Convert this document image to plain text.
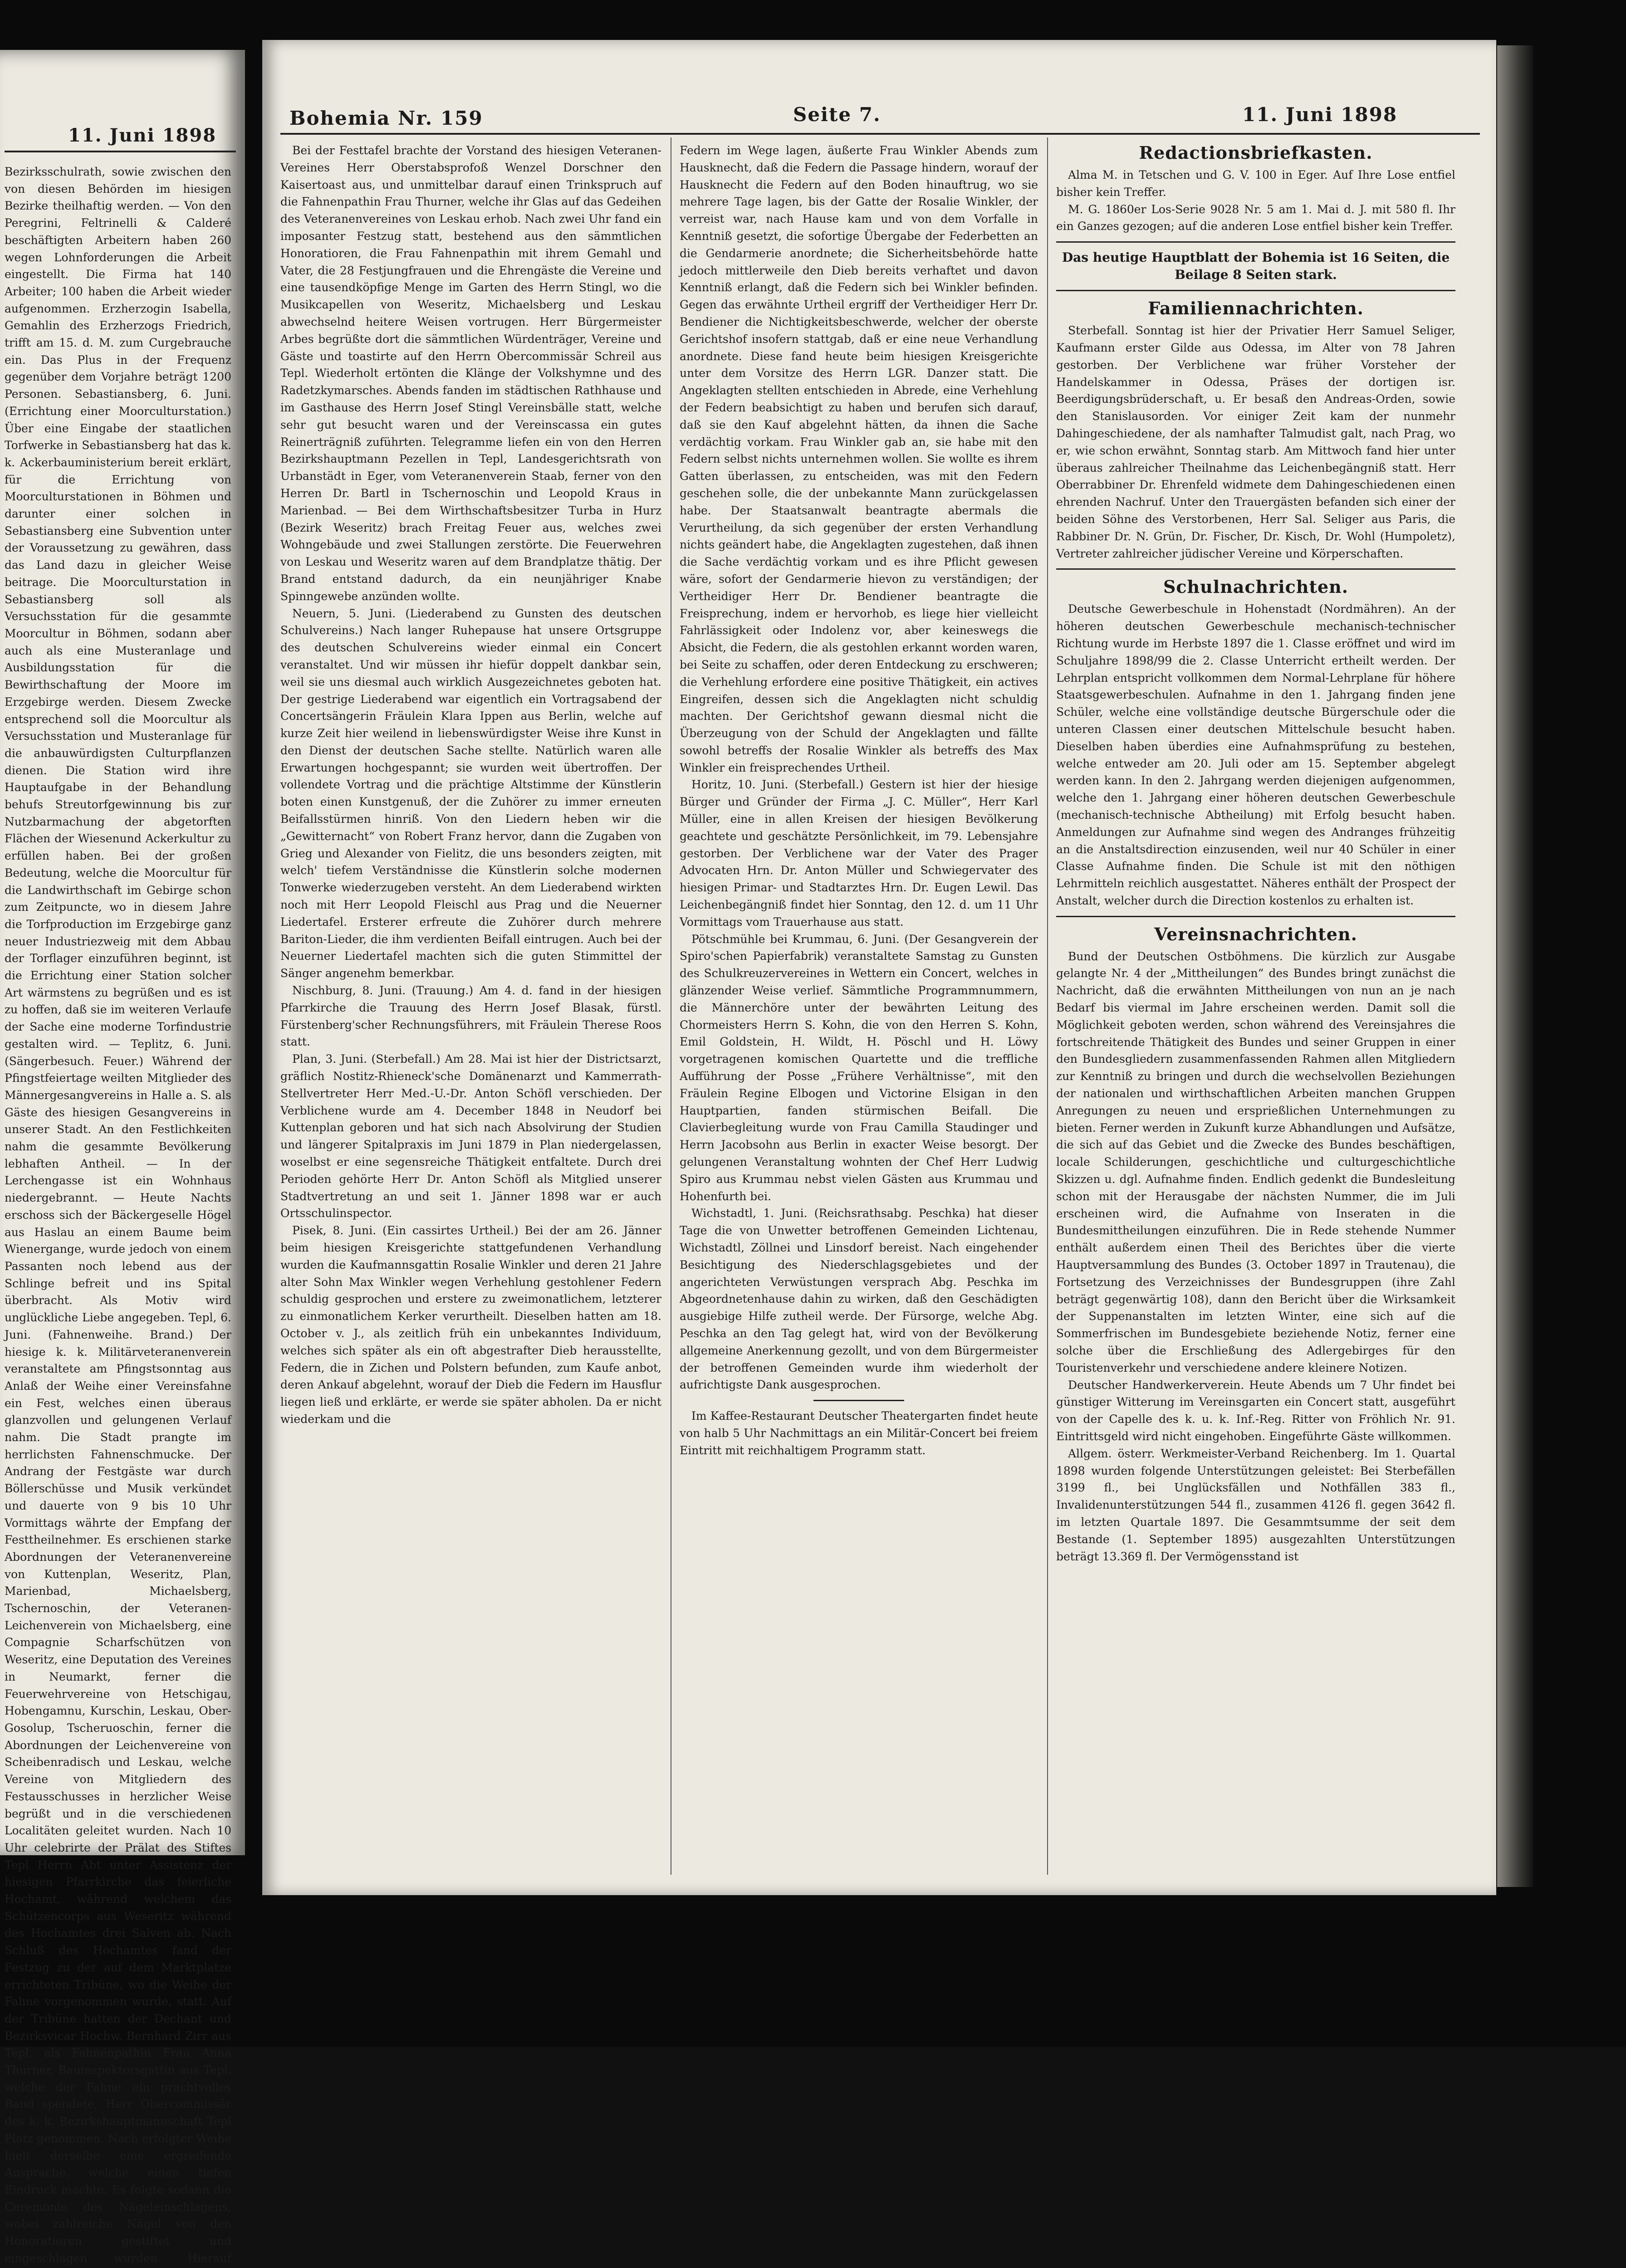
11. Juni 1898

Bezirksschulrath, sowie zwischen den von diesen Behörden im hiesigen Bezirke theilhaftig werden. — Von den Peregrini, Feltrinelli & Calderé beschäftigten Arbeitern haben 260 wegen Lohnforderungen die Arbeit eingestellt. Die Firma hat 140 Arbeiter; 100 haben die Arbeit wieder aufgenommen. Erzherzogin Isabella, Gemahlin des Erzherzogs Friedrich, trifft am 15. d. M. zum Curgebrauche ein. Das Plus in der Frequenz gegenüber dem Vorjahre beträgt 1200 Personen. Sebastiansberg, 6. Juni. (Errichtung einer Moorculturstation.) Über eine Eingabe der staatlichen Torfwerke in Sebastiansberg hat das k. k. Ackerbauministerium bereit erklärt, für die Errichtung von Moorculturstationen in Böhmen und darunter einer solchen in Sebastiansberg eine Subvention unter der Voraussetzung zu gewähren, dass das Land dazu in gleicher Weise beitrage. Die Moorculturstation in Sebastiansberg soll als Versuchsstation für die gesammte Moorcultur in Böhmen, sodann aber auch als eine Musteranlage und Ausbildungsstation für die Bewirthschaftung der Moore im Erzgebirge werden. Diesem Zwecke entsprechend soll die Moorcultur als Versuchsstation und Musteranlage für die anbauwürdigsten Culturpflanzen dienen. Die Station wird ihre Hauptaufgabe in der Behandlung behufs Streutorfgewinnung bis zur Nutzbarmachung der abgetorften Flächen der Wiesenund Ackerkultur zu erfüllen haben. Bei der großen Bedeutung, welche die Moorcultur für die Landwirthschaft im Gebirge schon zum Zeitpuncte, wo in diesem Jahre die Torfproduction im Erzgebirge ganz neuer Industriezweig mit dem Abbau der Torflager einzuführen beginnt, ist die Errichtung einer Station solcher Art wärmstens zu begrüßen und es ist zu hoffen, daß sie im weiteren Verlaufe der Sache eine moderne Torfindustrie gestalten wird. — Teplitz, 6. Juni. (Sängerbesuch. Feuer.) Während der Pfingstfeiertage weilten Mitglieder des Männergesangvereins in Halle a. S. als Gäste des hiesigen Gesangvereins in unserer Stadt. An den Festlichkeiten nahm die gesammte Bevölkerung lebhaften Antheil. — In der Lerchengasse ist ein Wohnhaus niedergebrannt. — Heute Nachts erschoss sich der Bäckergeselle Högel aus Haslau an einem Baume beim Wienergange, wurde jedoch von einem Passanten noch lebend aus der Schlinge befreit und ins Spital überbracht. Als Motiv wird unglückliche Liebe angegeben. Tepl, 6. Juni. (Fahnenweihe. Brand.) Der hiesige k. k. Militärveteranenverein veranstaltete am Pfingstsonntag aus Anlaß der Weihe einer Vereinsfahne ein Fest, welches einen überaus glanzvollen und gelungenen Verlauf nahm. Die Stadt prangte im herrlichsten Fahnenschmucke. Der Andrang der Festgäste war durch Böllerschüsse und Musik verkündet und dauerte von 9 bis 10 Uhr Vormittags währte der Empfang der Festtheilnehmer. Es erschienen starke Abordnungen der Veteranenvereine von Kuttenplan, Weseritz, Plan, Marienbad, Michaelsberg, Tschernoschin, der Veteranen-Leichenverein von Michaelsberg, eine Compagnie Scharfschützen von Weseritz, eine Deputation des Vereines in Neumarkt, ferner die Feuerwehrvereine von Hetschigau, Hobengamnu, Kurschin, Leskau, Ober-Gosolup, Tscheruoschin, ferner die Abordnungen der Leichenvereine von Scheibenradisch und Leskau, welche Vereine von Mitgliedern des Festausschusses in herzlicher Weise begrüßt und in die verschiedenen Localitäten geleitet wurden. Nach 10 Uhr celebrirte der Prälat des Stiftes Tepl Herrn Abt unter Assistenz der hiesigen Pfarrkirche das feierliche Hochamt, während welchem das Schützencorps aus Weseritz während des Hochamtes drei Salven ab. Nach Schluß des Hochamtes fand der Festzug zu der auf dem Marktplatze errichteten Tribüne, wo die Weihe der Fahne vorgenommen wurde, statt. Auf der Tribüne hatten der Dechant und Bezirksvicar Hochw. Bernhard Zirr aus Tepl, als Fahnenpathin Frau Anna Thurner, Bauinspektorsgattin aus Tepl, welche der Fahne ein prachtvolles Band spendete, Herr Obercommissär des k. k. Bezirkshauptmannschaft Tepl Platz genommen. Nach erfolgter Weihe hielt derselbe eine ergreifende Ansprache, welche einen tiefen Eindruck machte. Es folgte sodann die Ceremonie des Nägeleinschlagens, wobei zahlreiche Nägel von den Honoratioren gestiftet und eingeschlagen wurden. Hierauf

Bohemia Nr. 159	Seite 7.	11. Juni 1898

Bei der Festtafel brachte der Vorstand des hiesigen Veteranen-Vereines Herr Oberstabsprofoß Wenzel Dorschner den Kaisertoast aus, und unmittelbar darauf einen Trinkspruch auf die Fahnenpathin Frau Thurner, welche ihr Glas auf das Gedeihen des Veteranenvereines von Leskau erhob. Nach zwei Uhr fand ein imposanter Festzug statt, bestehend aus den sämmtlichen Honoratioren, die Frau Fahnenpathin mit ihrem Gemahl und Vater, die 28 Festjungfrauen und die Ehrengäste die Vereine und eine tausendköpfige Menge im Garten des Herrn Stingl, wo die Musikcapellen von Weseritz, Michaelsberg und Leskau abwechselnd heitere Weisen vortrugen. Herr Bürgermeister Arbes begrüßte dort die sämmtlichen Würdenträger, Vereine und Gäste und toastirte auf den Herrn Obercommissär Schreil aus Tepl. Wiederholt ertönten die Klänge der Volkshymne und des Radetzkymarsches. Abends fanden im städtischen Rathhause und im Gasthause des Herrn Josef Stingl Vereinsbälle statt, welche sehr gut besucht waren und der Vereinscassa ein gutes Reinerträgniß zuführten. Telegramme liefen ein von den Herren Bezirkshauptmann Pezellen in Tepl, Landesgerichtsrath von Urbanstädt in Eger, vom Veteranenverein Staab, ferner von den Herren Dr. Bartl in Tschernoschin und Leopold Kraus in Marienbad. — Bei dem Wirthschaftsbesitzer Turba in Hurz (Bezirk Weseritz) brach Freitag Feuer aus, welches zwei Wohngebäude und zwei Stallungen zerstörte. Die Feuerwehren von Leskau und Weseritz waren auf dem Brandplatze thätig. Der Brand entstand dadurch, da ein neunjähriger Knabe Spinngewebe anzünden wollte.

Neuern, 5. Juni. (Liederabend zu Gunsten des deutschen Schulvereins.) Nach langer Ruhepause hat unsere Ortsgruppe des deutschen Schulvereins wieder einmal ein Concert veranstaltet. Und wir müssen ihr hiefür doppelt dankbar sein, weil sie uns diesmal auch wirklich Ausgezeichnetes geboten hat. Der gestrige Liederabend war eigentlich ein Vortragsabend der Concertsängerin Fräulein Klara Ippen aus Berlin, welche auf kurze Zeit hier weilend in liebenswürdigster Weise ihre Kunst in den Dienst der deutschen Sache stellte. Natürlich waren alle Erwartungen hochgespannt; sie wurden weit übertroffen. Der vollendete Vortrag und die prächtige Altstimme der Künstlerin boten einen Kunstgenuß, der die Zuhörer zu immer erneuten Beifallsstürmen hinriß. Von den Liedern heben wir die „Gewitternacht“ von Robert Franz hervor, dann die Zugaben von Grieg und Alexander von Fielitz, die uns besonders zeigten, mit welch' tiefem Verständnisse die Künstlerin solche modernen Tonwerke wiederzugeben versteht. An dem Liederabend wirkten noch mit Herr Leopold Fleischl aus Prag und die Neuerner Liedertafel. Ersterer erfreute die Zuhörer durch mehrere Bariton-Lieder, die ihm verdienten Beifall eintrugen. Auch bei der Neuerner Liedertafel machten sich die guten Stimmittel der Sänger angenehm bemerkbar.

Nischburg, 8. Juni. (Trauung.) Am 4. d. fand in der hiesigen Pfarrkirche die Trauung des Herrn Josef Blasak, fürstl. Fürstenberg'scher Rechnungsführers, mit Fräulein Therese Roos statt.

Plan, 3. Juni. (Sterbefall.) Am 28. Mai ist hier der Districtsarzt, gräflich Nostitz-Rhieneck'sche Domänenarzt und Kammerrath-Stellvertreter Herr Med.-U.-Dr. Anton Schöfl verschieden. Der Verblichene wurde am 4. December 1848 in Neudorf bei Kuttenplan geboren und hat sich nach Absolvirung der Studien und längerer Spitalpraxis im Juni 1879 in Plan niedergelassen, woselbst er eine segensreiche Thätigkeit entfaltete. Durch drei Perioden gehörte Herr Dr. Anton Schöfl als Mitglied unserer Stadtvertretung an und seit 1. Jänner 1898 war er auch Ortsschulinspector.

Pisek, 8. Juni. (Ein cassirtes Urtheil.) Bei der am 26. Jänner beim hiesigen Kreisgerichte stattgefundenen Verhandlung wurden die Kaufmannsgattin Rosalie Winkler und deren 21 Jahre alter Sohn Max Winkler wegen Verhehlung gestohlener Federn schuldig gesprochen und erstere zu zweimonatlichem, letzterer zu einmonatlichem Kerker verurtheilt. Dieselben hatten am 18. October v. J., als zeitlich früh ein unbekanntes Individuum, welches sich später als ein oft abgestrafter Dieb herausstellte, Federn, die in Zichen und Polstern befunden, zum Kaufe anbot, deren Ankauf abgelehnt, worauf der Dieb die Federn im Hausflur liegen ließ und erklärte, er werde sie später abholen. Da er nicht wiederkam und die

Federn im Wege lagen, äußerte Frau Winkler Abends zum Hausknecht, daß die Federn die Passage hindern, worauf der Hausknecht die Federn auf den Boden hinauftrug, wo sie mehrere Tage lagen, bis der Gatte der Rosalie Winkler, der verreist war, nach Hause kam und von dem Vorfalle in Kenntniß gesetzt, die sofortige Übergabe der Federbetten an die Gendarmerie anordnete; die Sicherheitsbehörde hatte jedoch mittlerweile den Dieb bereits verhaftet und davon Kenntniß erlangt, daß die Federn sich bei Winkler befinden. Gegen das erwähnte Urtheil ergriff der Vertheidiger Herr Dr. Bendiener die Nichtigkeitsbeschwerde, welcher der oberste Gerichtshof insofern stattgab, daß er eine neue Verhandlung anordnete. Diese fand heute beim hiesigen Kreisgerichte unter dem Vorsitze des Herrn LGR. Danzer statt. Die Angeklagten stellten entschieden in Abrede, eine Verhehlung der Federn beabsichtigt zu haben und berufen sich darauf, daß sie den Kauf abgelehnt hätten, da ihnen die Sache verdächtig vorkam. Frau Winkler gab an, sie habe mit den Federn selbst nichts unternehmen wollen. Sie wollte es ihrem Gatten überlassen, zu entscheiden, was mit den Federn geschehen solle, die der unbekannte Mann zurückgelassen habe. Der Staatsanwalt beantragte abermals die Verurtheilung, da sich gegenüber der ersten Verhandlung nichts geändert habe, die Angeklagten zugestehen, daß ihnen die Sache verdächtig vorkam und es ihre Pflicht gewesen wäre, sofort der Gendarmerie hievon zu verständigen; der Vertheidiger Herr Dr. Bendiener beantragte die Freisprechung, indem er hervorhob, es liege hier vielleicht Fahrlässigkeit oder Indolenz vor, aber keineswegs die Absicht, die Federn, die als gestohlen erkannt worden waren, bei Seite zu schaffen, oder deren Entdeckung zu erschweren; die Verhehlung erfordere eine positive Thätigkeit, ein actives Eingreifen, dessen sich die Angeklagten nicht schuldig machten. Der Gerichtshof gewann diesmal nicht die Überzeugung von der Schuld der Angeklagten und fällte sowohl betreffs der Rosalie Winkler als betreffs des Max Winkler ein freisprechendes Urtheil.

Horitz, 10. Juni. (Sterbefall.) Gestern ist hier der hiesige Bürger und Gründer der Firma „J. C. Müller“, Herr Karl Müller, eine in allen Kreisen der hiesigen Bevölkerung geachtete und geschätzte Persönlichkeit, im 79. Lebensjahre gestorben. Der Verblichene war der Vater des Prager Advocaten Hrn. Dr. Anton Müller und Schwiegervater des hiesigen Primar- und Stadtarztes Hrn. Dr. Eugen Lewil. Das Leichenbegängniß findet hier Sonntag, den 12. d. um 11 Uhr Vormittags vom Trauerhause aus statt.

Pötschmühle bei Krummau, 6. Juni. (Der Gesangverein der Spiro'schen Papierfabrik) veranstaltete Samstag zu Gunsten des Schulkreuzervereines in Wettern ein Concert, welches in glänzender Weise verlief. Sämmtliche Programmnummern, die Männerchöre unter der bewährten Leitung des Chormeisters Herrn S. Kohn, die von den Herren S. Kohn, Emil Goldstein, H. Wildt, H. Pöschl und H. Löwy vorgetragenen komischen Quartette und die treffliche Aufführung der Posse „Frühere Verhältnisse“, mit den Fräulein Regine Elbogen und Victorine Elsigan in den Hauptpartien, fanden stürmischen Beifall. Die Clavierbegleitung wurde von Frau Camilla Staudinger und Herrn Jacobsohn aus Berlin in exacter Weise besorgt. Der gelungenen Veranstaltung wohnten der Chef Herr Ludwig Spiro aus Krummau nebst vielen Gästen aus Krummau und Hohenfurth bei.

Wichstadtl, 1. Juni. (Reichsrathsabg. Peschka) hat dieser Tage die von Unwetter betroffenen Gemeinden Lichtenau, Wichstadtl, Zöllnei und Linsdorf bereist. Nach eingehender Besichtigung des Niederschlagsgebietes und der angerichteten Verwüstungen versprach Abg. Peschka im Abgeordnetenhause dahin zu wirken, daß den Geschädigten ausgiebige Hilfe zutheil werde. Der Fürsorge, welche Abg. Peschka an den Tag gelegt hat, wird von der Bevölkerung allgemeine Anerkennung gezollt, und von dem Bürgermeister der betroffenen Gemeinden wurde ihm wiederholt der aufrichtigste Dank ausgesprochen.

Im Kaffee-Restaurant Deutscher Theatergarten findet heute von halb 5 Uhr Nachmittags an ein Militär-Concert bei freiem Eintritt mit reichhaltigem Programm statt.

Redactionsbriefkasten.

Alma M. in Tetschen und G. V. 100 in Eger. Auf Ihre Lose entfiel bisher kein Treffer.

M. G. 1860er Los-Serie 9028 Nr. 5 am 1. Mai d. J. mit 580 fl. Ihr ein Ganzes gezogen; auf die anderen Lose entfiel bisher kein Treffer.

Das heutige Hauptblatt der Bohemia ist 16 Seiten, die Beilage 8 Seiten stark.
Familiennachrichten.

Sterbefall. Sonntag ist hier der Privatier Herr Samuel Seliger, Kaufmann erster Gilde aus Odessa, im Alter von 78 Jahren gestorben. Der Verblichene war früher Vorsteher der Handelskammer in Odessa, Präses der dortigen isr. Beerdigungsbrüderschaft, u. Er besaß den Andreas-Orden, sowie den Stanislausorden. Vor einiger Zeit kam der nunmehr Dahingeschiedene, der als namhafter Talmudist galt, nach Prag, wo er, wie schon erwähnt, Sonntag starb. Am Mittwoch fand hier unter überaus zahlreicher Theilnahme das Leichenbegängniß statt. Herr Oberrabbiner Dr. Ehrenfeld widmete dem Dahingeschiedenen einen ehrenden Nachruf. Unter den Trauergästen befanden sich einer der beiden Söhne des Verstorbenen, Herr Sal. Seliger aus Paris, die Rabbiner Dr. N. Grün, Dr. Fischer, Dr. Kisch, Dr. Wohl (Humpoletz), Vertreter zahlreicher jüdischer Vereine und Körperschaften.

Schulnachrichten.

Deutsche Gewerbeschule in Hohenstadt (Nordmähren). An der höheren deutschen Gewerbeschule mechanisch-technischer Richtung wurde im Herbste 1897 die 1. Classe eröffnet und wird im Schuljahre 1898/99 die 2. Classe Unterricht ertheilt werden. Der Lehrplan entspricht vollkommen dem Normal-Lehrplane für höhere Staatsgewerbeschulen. Aufnahme in den 1. Jahrgang finden jene Schüler, welche eine vollständige deutsche Bürgerschule oder die unteren Classen einer deutschen Mittelschule besucht haben. Dieselben haben überdies eine Aufnahmsprüfung zu bestehen, welche entweder am 20. Juli oder am 15. September abgelegt werden kann. In den 2. Jahrgang werden diejenigen aufgenommen, welche den 1. Jahrgang einer höheren deutschen Gewerbeschule (mechanisch-technische Abtheilung) mit Erfolg besucht haben. Anmeldungen zur Aufnahme sind wegen des Andranges frühzeitig an die Anstaltsdirection einzusenden, weil nur 40 Schüler in einer Classe Aufnahme finden. Die Schule ist mit den nöthigen Lehrmitteln reichlich ausgestattet. Näheres enthält der Prospect der Anstalt, welcher durch die Direction kostenlos zu erhalten ist.

Vereinsnachrichten.

Bund der Deutschen Ostböhmens. Die kürzlich zur Ausgabe gelangte Nr. 4 der „Mittheilungen“ des Bundes bringt zunächst die Nachricht, daß die erwähnten Mittheilungen von nun an je nach Bedarf bis viermal im Jahre erscheinen werden. Damit soll die Möglichkeit geboten werden, schon während des Vereinsjahres die fortschreitende Thätigkeit des Bundes und seiner Gruppen in einer den Bundesgliedern zusammenfassenden Rahmen allen Mitgliedern zur Kenntniß zu bringen und durch die wechselvollen Beziehungen der nationalen und wirthschaftlichen Arbeiten manchen Gruppen Anregungen zu neuen und ersprießlichen Unternehmungen zu bieten. Ferner werden in Zukunft kurze Abhandlungen und Aufsätze, die sich auf das Gebiet und die Zwecke des Bundes beschäftigen, locale Schilderungen, geschichtliche und culturgeschichtliche Skizzen u. dgl. Aufnahme finden. Endlich gedenkt die Bundesleitung schon mit der Herausgabe der nächsten Nummer, die im Juli erscheinen wird, die Aufnahme von Inseraten in die Bundesmittheilungen einzuführen. Die in Rede stehende Nummer enthält außerdem einen Theil des Berichtes über die vierte Hauptversammlung des Bundes (3. October 1897 in Trautenau), die Fortsetzung des Verzeichnisses der Bundesgruppen (ihre Zahl beträgt gegenwärtig 108), dann den Bericht über die Wirksamkeit der Suppenanstalten im letzten Winter, eine sich auf die Sommerfrischen im Bundesgebiete beziehende Notiz, ferner eine solche über die Erschließung des Adlergebirges für den Touristenverkehr und verschiedene andere kleinere Notizen.

Deutscher Handwerkerverein. Heute Abends um 7 Uhr findet bei günstiger Witterung im Vereinsgarten ein Concert statt, ausgeführt von der Capelle des k. u. k. Inf.-Reg. Ritter von Fröhlich Nr. 91. Eintrittsgeld wird nicht eingehoben. Eingeführte Gäste willkommen.

Allgem. österr. Werkmeister-Verband Reichenberg. Im 1. Quartal 1898 wurden folgende Unterstützungen geleistet: Bei Sterbefällen 3199 fl., bei Unglücksfällen und Nothfällen 383 fl., Invalidenunterstützungen 544 fl., zusammen 4126 fl. gegen 3642 fl. im letzten Quartale 1897. Die Gesammtsumme der seit dem Bestande (1. September 1895) ausgezahlten Unterstützungen beträgt 13.369 fl. Der Vermögensstand ist
